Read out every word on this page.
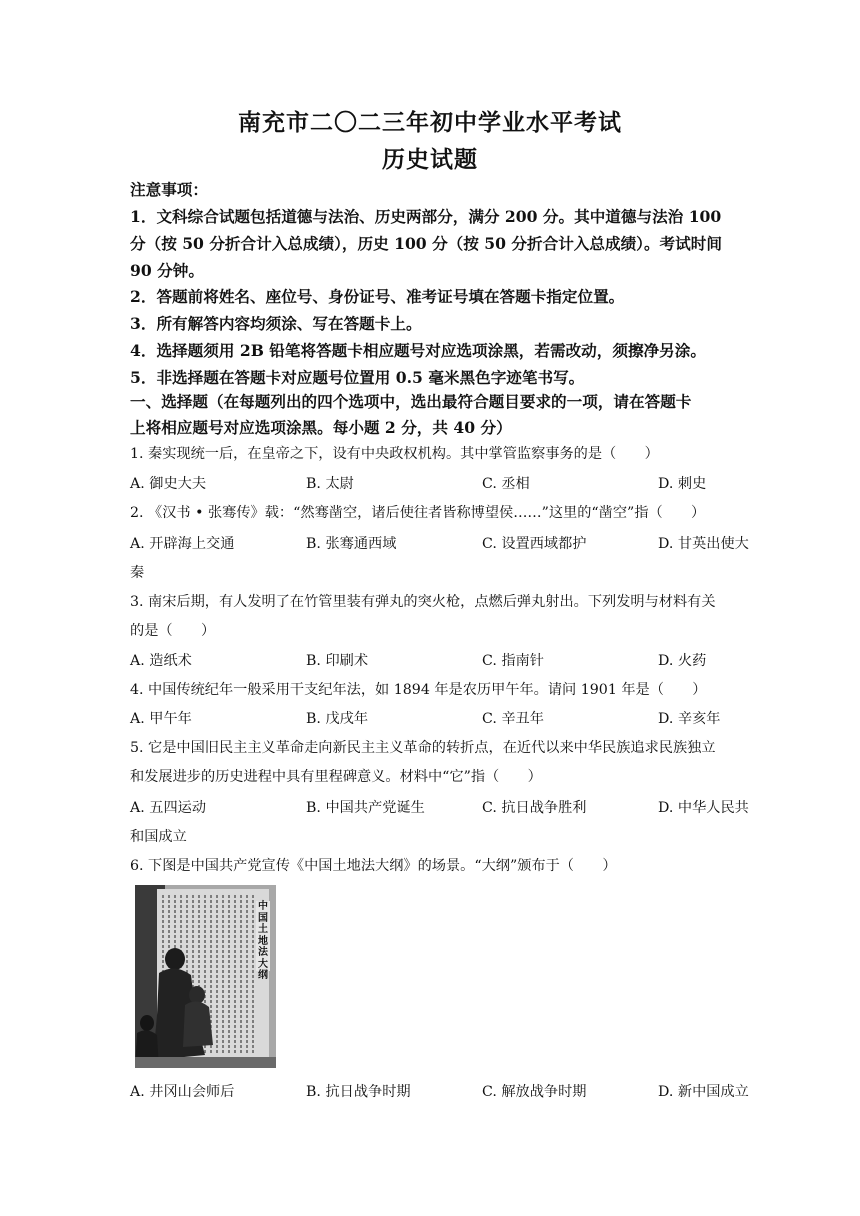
南充市二〇二三年初中学业水平考试
历史试题
注意事项：
1．文科综合试题包括道德与法治、历史两部分，满分 200 分。其中道德与法治 100
分（按 50 分折合计入总成绩），历史 100 分（按 50 分折合计入总成绩）。考试时间
90 分钟。
2．答题前将姓名、座位号、身份证号、准考证号填在答题卡指定位置。
3．所有解答内容均须涂、写在答题卡上。
4．选择题须用 2B 铅笔将答题卡相应题号对应选项涂黑，若需改动，须擦净另涂。
5．非选择题在答题卡对应题号位置用 0.5 毫米黑色字迹笔书写。
一、选择题（在每题列出的四个选项中，选出最符合题目要求的一项，请在答题卡
上将相应题号对应选项涂黑。每小题 2 分，共 40 分）
1. 秦实现统一后，在皇帝之下，设有中央政权机构。其中掌管监察事务的是（　　）
A. 御史大夫	B. 太尉	C. 丞相	D. 刺史
2. 《汉书 • 张骞传》载：“然骞凿空，诸后使往者皆称博望侯……”这里的“凿空”指（　　）
A. 开辟海上交通	B. 张骞通西域	C. 设置西域都护	D. 甘英出使大
秦
3. 南宋后期，有人发明了在竹管里装有弹丸的突火枪，点燃后弹丸射出。下列发明与材料有关
的是（　　）
A. 造纸术	B. 印刷术	C. 指南针	D. 火药
4. 中国传统纪年一般采用干支纪年法，如 1894 年是农历甲午年。请问 1901 年是（　　）
A. 甲午年	B. 戊戌年	C. 辛丑年	D. 辛亥年
5. 它是中国旧民主主义革命走向新民主主义革命的转折点，在近代以来中华民族追求民族独立
和发展进步的历史进程中具有里程碑意义。材料中“它”指（　　）
A. 五四运动	B. 中国共产党诞生	C. 抗日战争胜利	D. 中华人民共
和国成立
6. 下图是中国共产党宣传《中国土地法大纲》的场景。“大纲”颁布于（　　）
中国土地法大纲
A. 井冈山会师后	B. 抗日战争时期	C. 解放战争时期	D. 新中国成立
